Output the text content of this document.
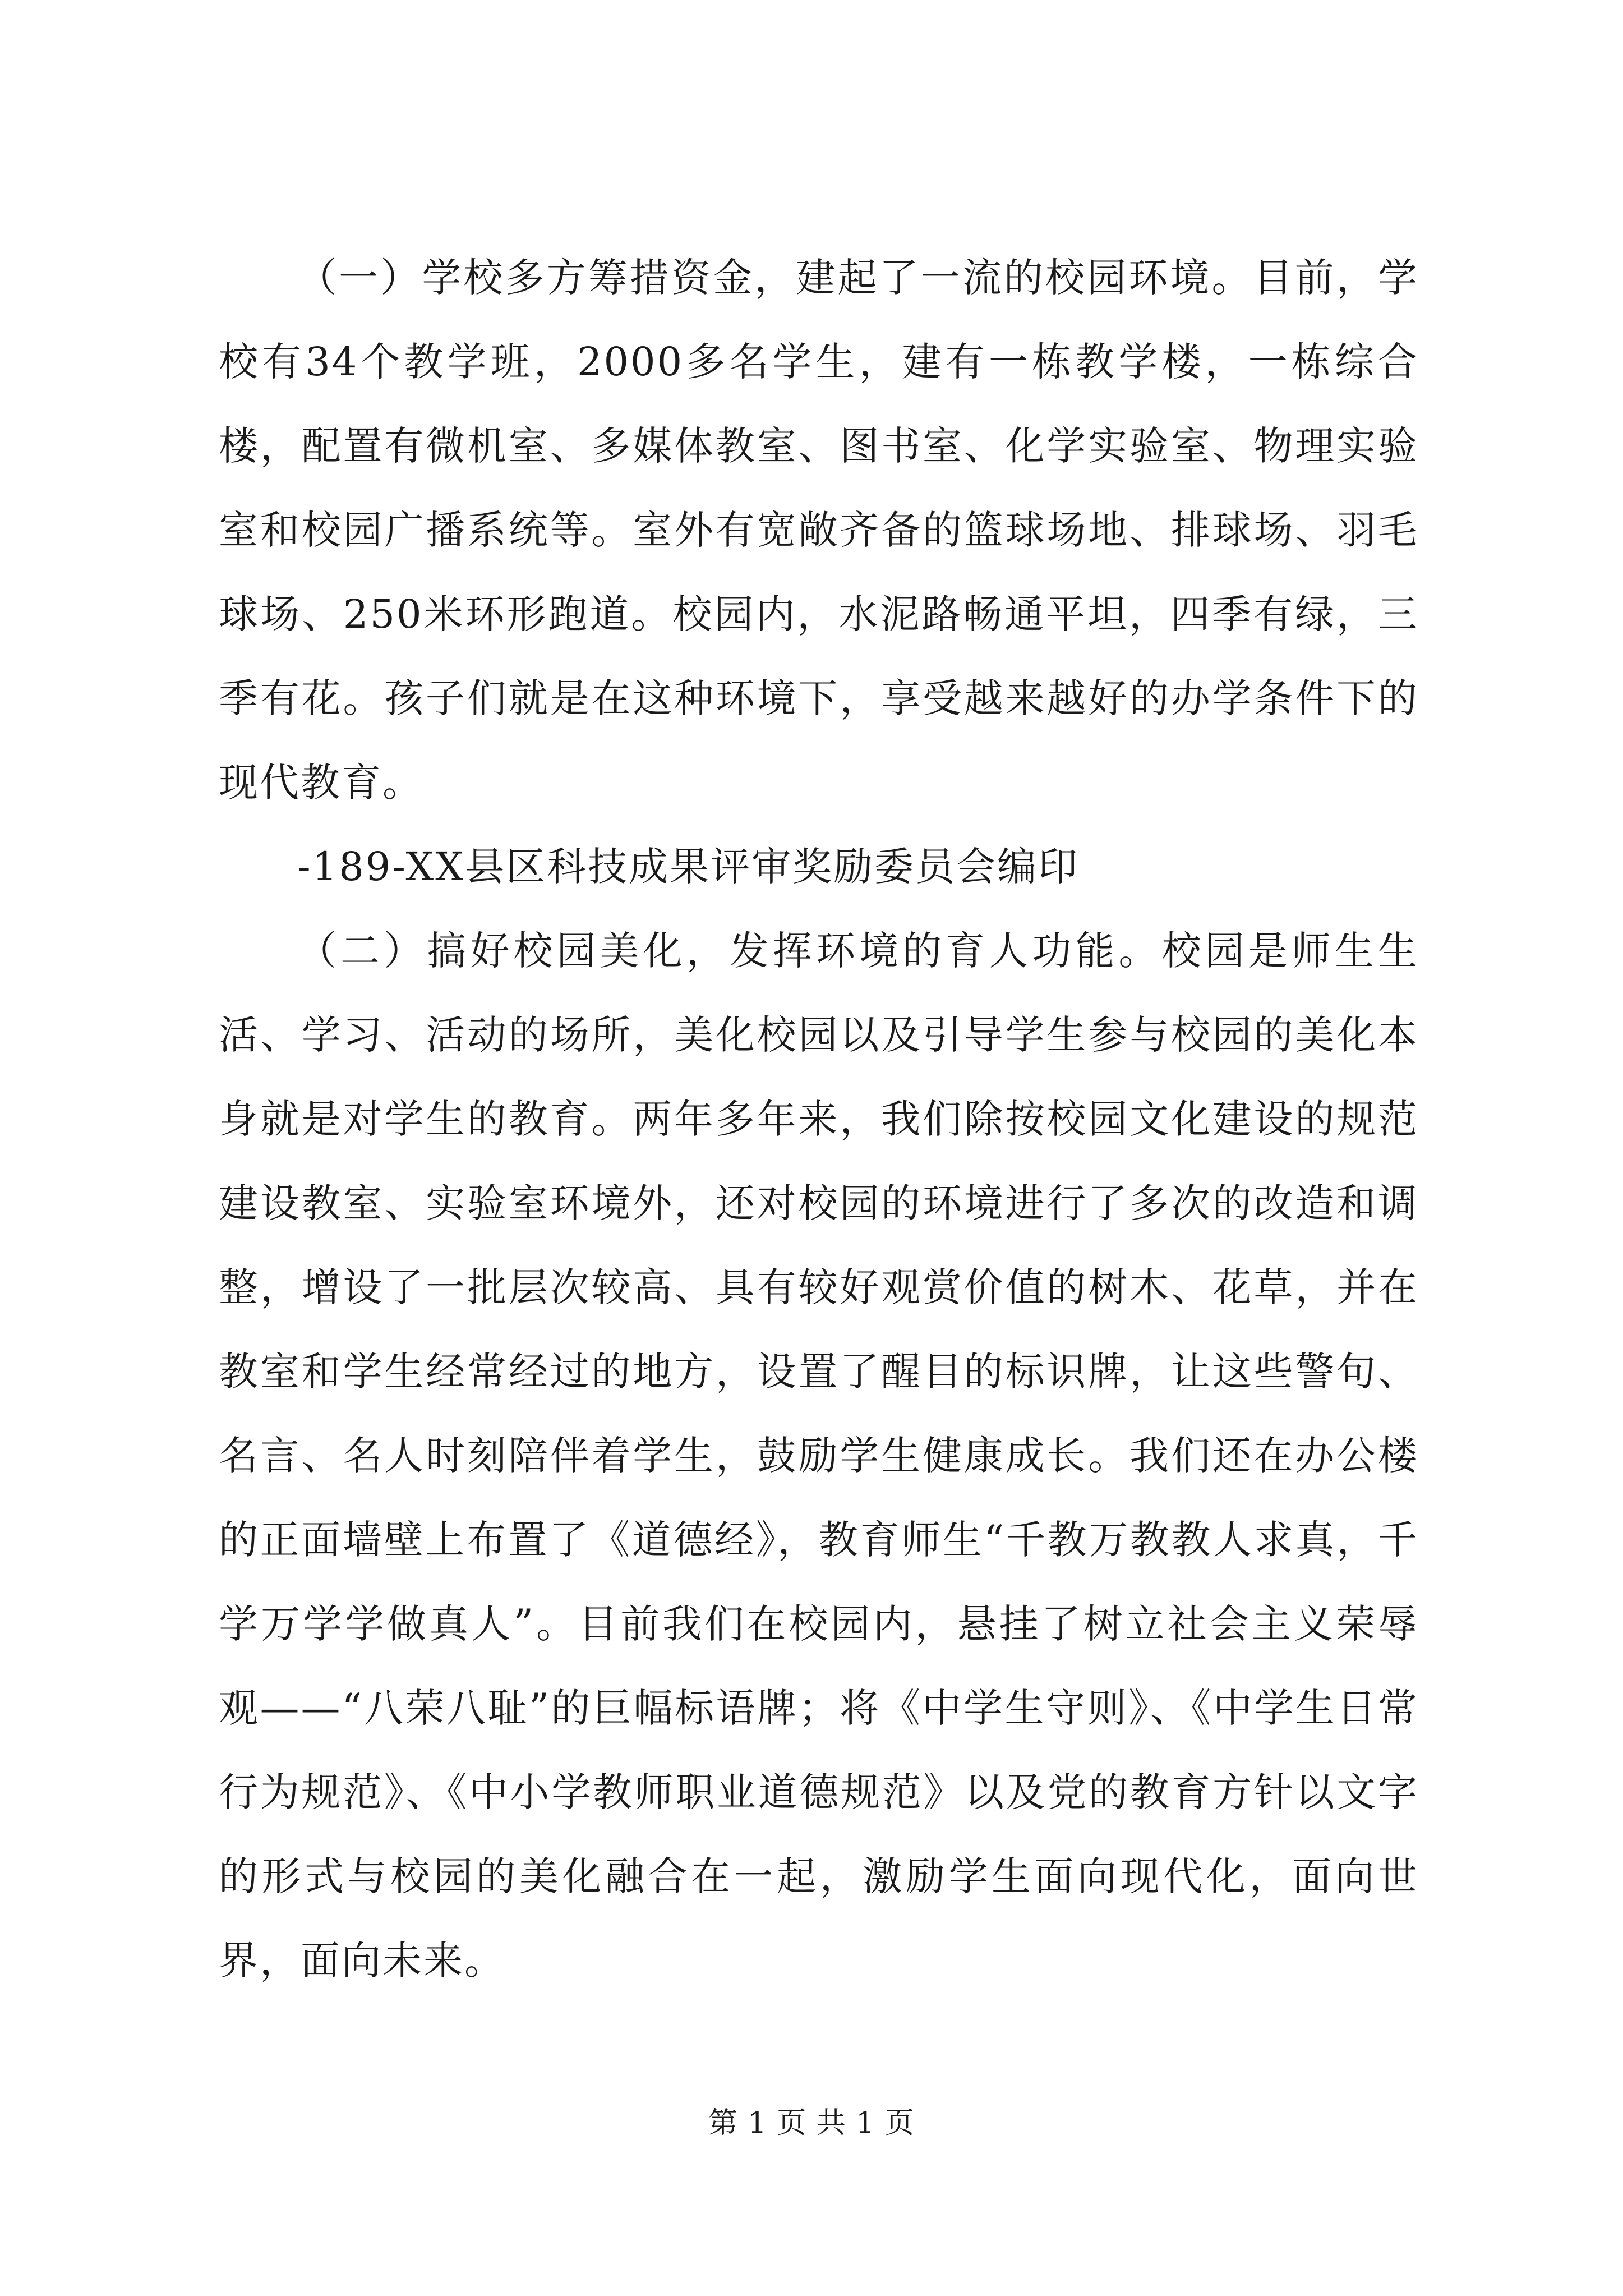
（一）学校多方筹措资金，建起了一流的校园环境。目前，学校有34个教学班，2000多名学生，建有一栋教学楼，一栋综合楼，配置有微机室、多媒体教室、图书室、化学实验室、物理实验室和校园广播系统等。室外有宽敞齐备的篮球场地、排球场、羽毛球场、250米环形跑道。校园内，水泥路畅通平坦，四季有绿，三季有花。孩子们就是在这种环境下，享受越来越好的办学条件下的现代教育。

-189-XX县区科技成果评审奖励委员会编印

（二）搞好校园美化，发挥环境的育人功能。校园是师生生活、学习、活动的场所，美化校园以及引导学生参与校园的美化本身就是对学生的教育。两年多年来，我们除按校园文化建设的规范建设教室、实验室环境外，还对校园的环境进行了多次的改造和调整，增设了一批层次较高、具有较好观赏价值的树木、花草，并在教室和学生经常经过的地方，设置了醒目的标识牌，让这些警句、名言、名人时刻陪伴着学生，鼓励学生健康成长。我们还在办公楼的正面墙壁上布置了《道德经》，教育师生“千教万教教人求真，千学万学学做真人”。目前我们在校园内，悬挂了树立社会主义荣辱观——“八荣八耻”的巨幅标语牌；将《中学生守则》、《中学生日常行为规范》、《中小学教师职业道德规范》以及党的教育方针以文字的形式与校园的美化融合在一起，激励学生面向现代化，面向世界，面向未来。

第 1 页 共 1 页
